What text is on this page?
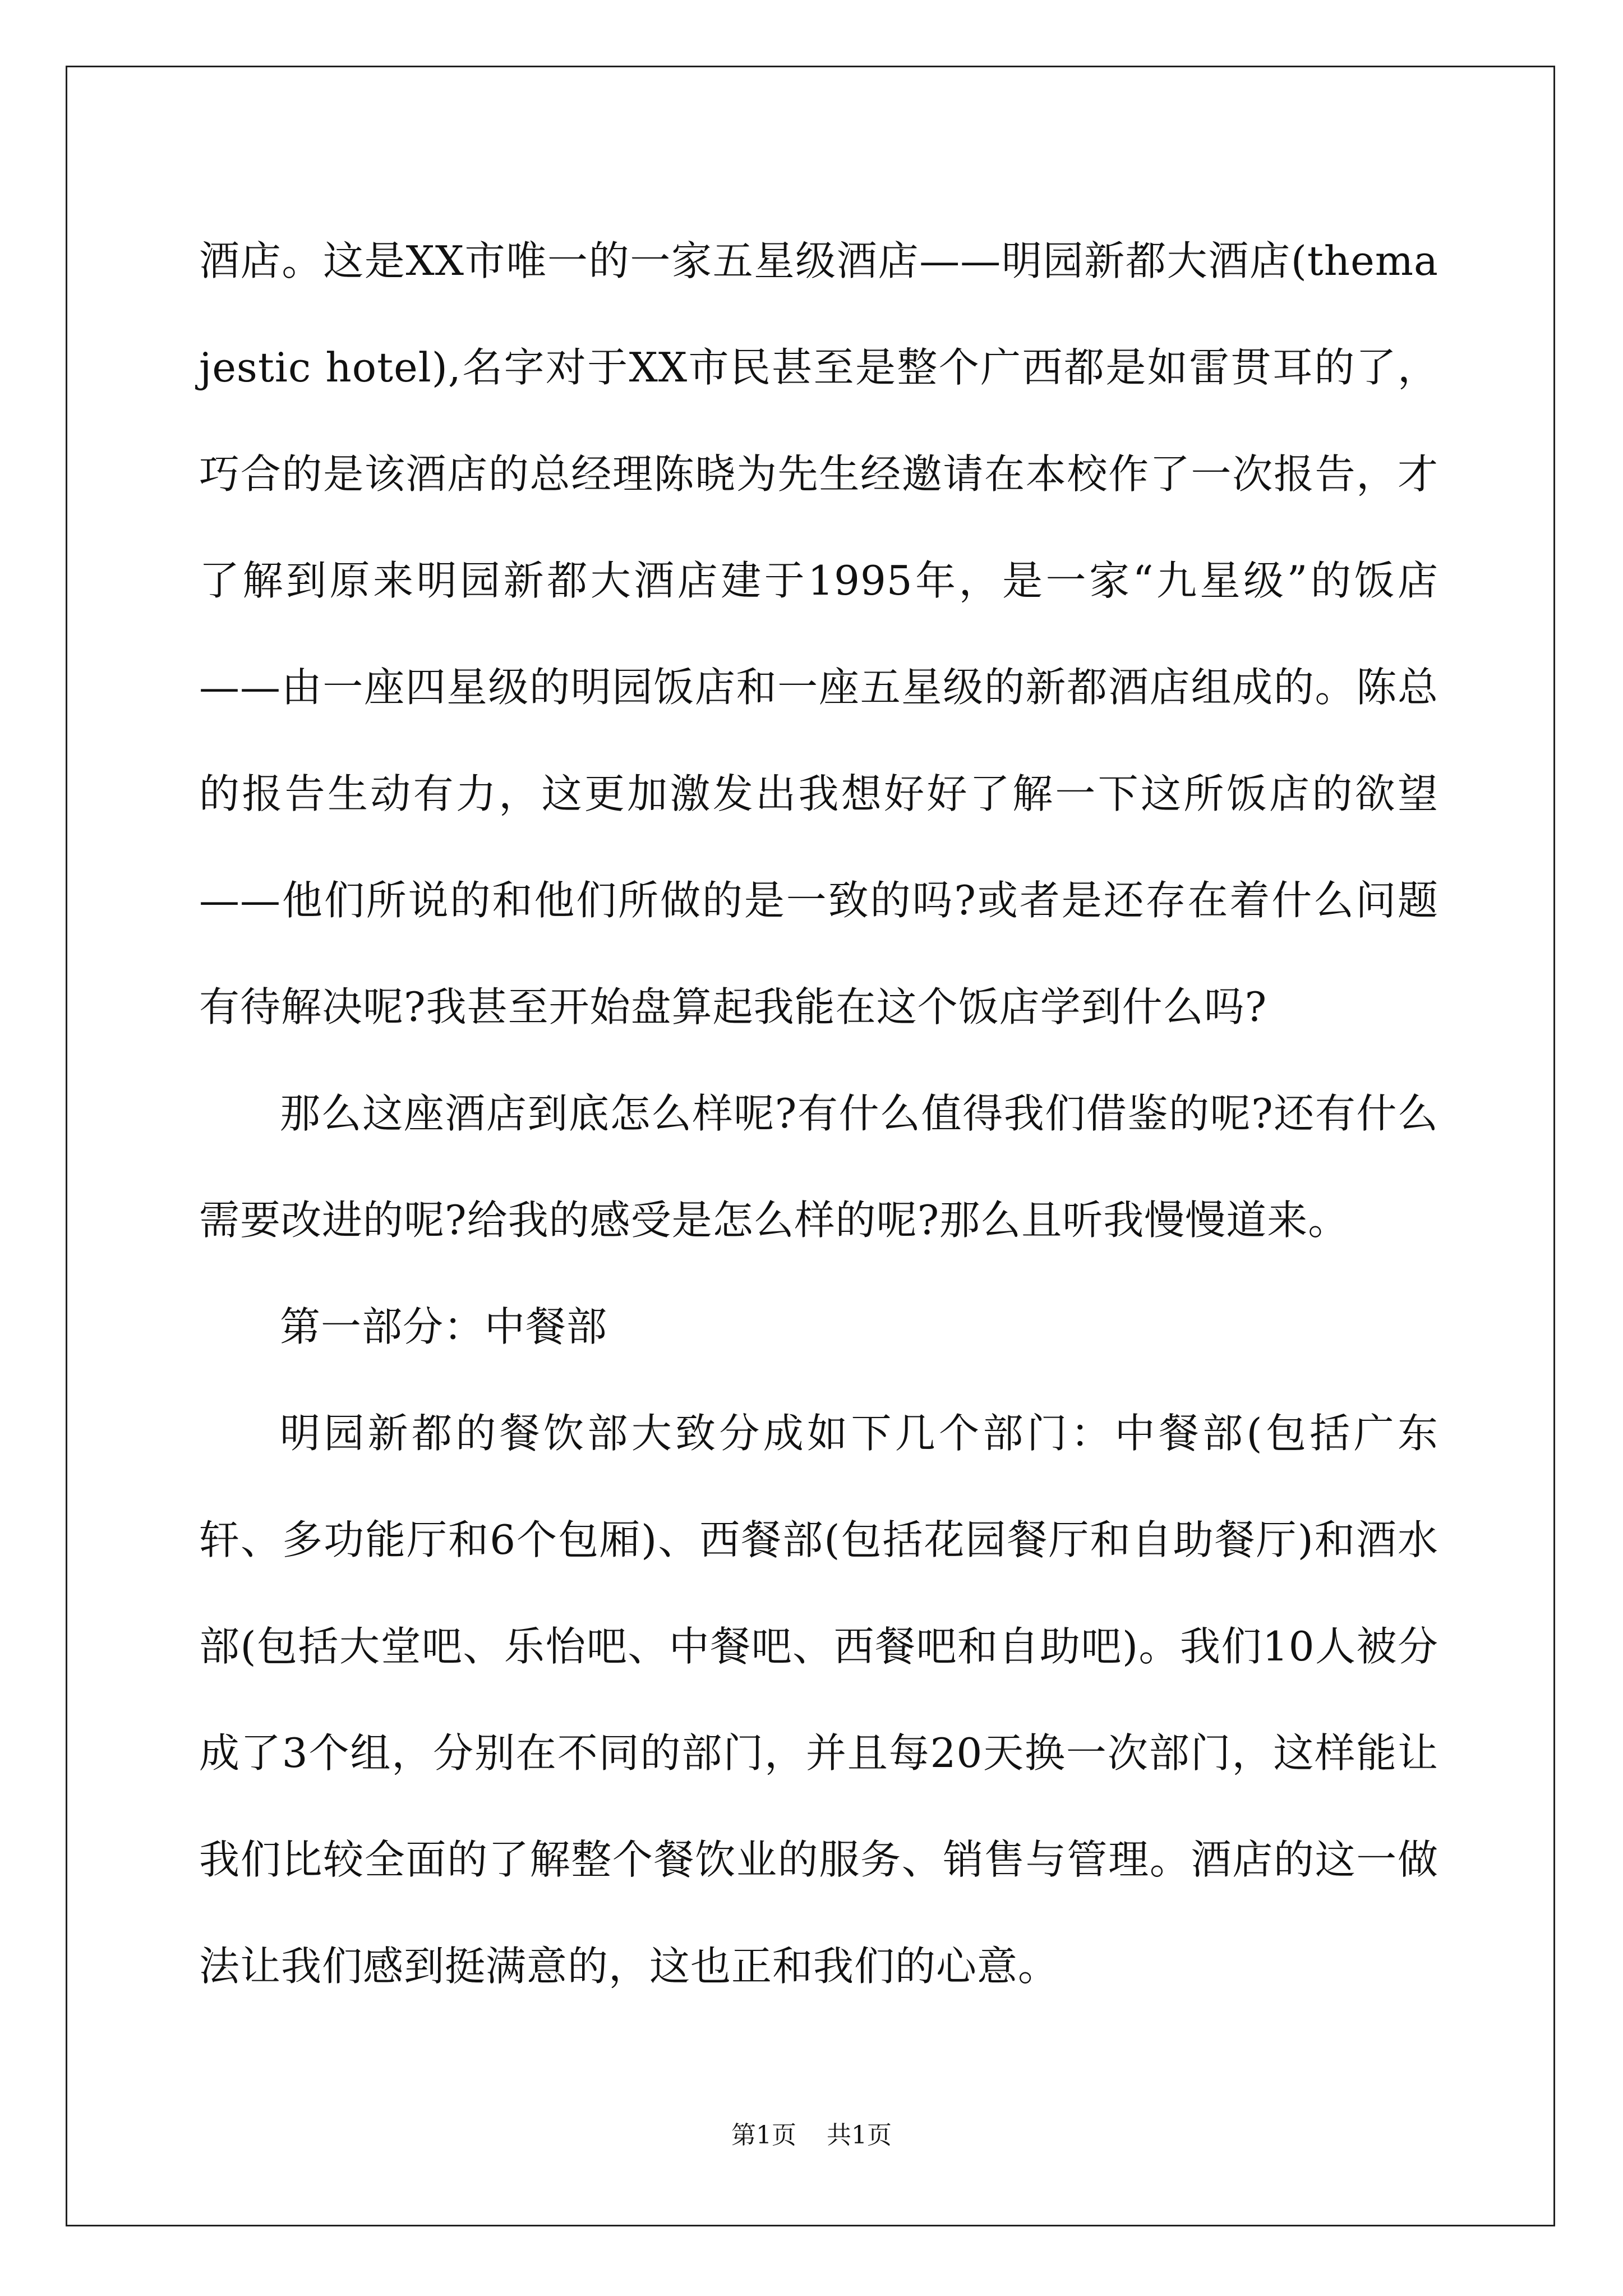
酒店。这是XX市唯一的一家五星级酒店——明园新都大酒店(themajestic hotel),名字对于XX市民甚至是整个广西都是如雷贯耳的了，巧合的是该酒店的总经理陈晓为先生经邀请在本校作了一次报告，才了解到原来明园新都大酒店建于1995年，是一家“九星级”的饭店——由一座四星级的明园饭店和一座五星级的新都酒店组成的。陈总的报告生动有力，这更加激发出我想好好了解一下这所饭店的欲望——他们所说的和他们所做的是一致的吗?或者是还存在着什么问题有待解决呢?我甚至开始盘算起我能在这个饭店学到什么吗?

那么这座酒店到底怎么样呢?有什么值得我们借鉴的呢?还有什么需要改进的呢?给我的感受是怎么样的呢?那么且听我慢慢道来。

第一部分：中餐部

明园新都的餐饮部大致分成如下几个部门：中餐部(包括广东轩、多功能厅和6个包厢)、西餐部(包括花园餐厅和自助餐厅)和酒水部(包括大堂吧、乐怡吧、中餐吧、西餐吧和自助吧)。我们10人被分成了3个组，分别在不同的部门，并且每20天换一次部门，这样能让我们比较全面的了解整个餐饮业的服务、销售与管理。酒店的这一做法让我们感到挺满意的，这也正和我们的心意。

第1页 共1页
